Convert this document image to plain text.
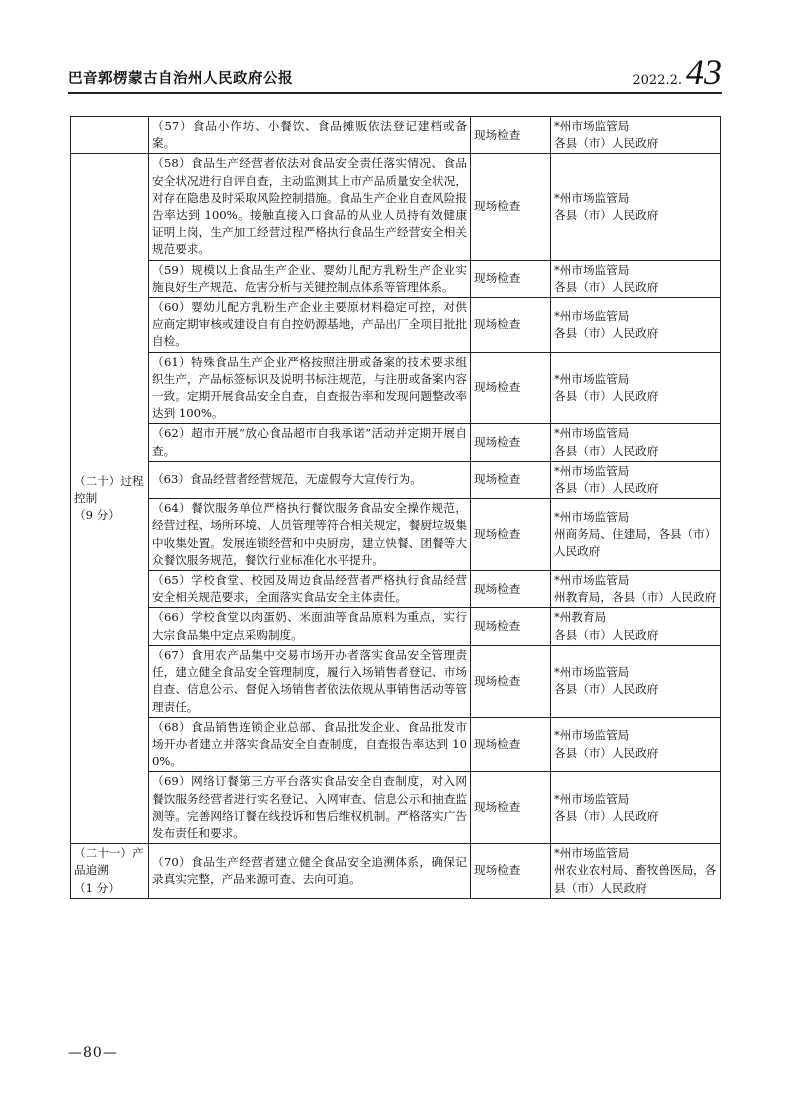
巴音郭楞蒙古自治州人民政府公报	2022.2. 43
	（57）食品小作坊、小餐饮、食品摊贩依法登记建档或备案。	现场检查	*州市场监管局
各县（市）人民政府

（二十）过程控制
（9 分）	（58）食品生产经营者依法对食品安全责任落实情况、食品安全状况进行自评自查，主动监测其上市产品质量安全状况，对存在隐患及时采取风险控制措施。食品生产企业自查风险报告率达到 100%。接触直接入口食品的从业人员持有效健康证明上岗，生产加工经营过程严格执行食品生产经营安全相关规范要求。	现场检查	*州市场监管局
各县（市）人民政府

	（59）规模以上食品生产企业、婴幼儿配方乳粉生产企业实施良好生产规范、危害分析与关键控制点体系等管理体系。	现场检查	*州市场监管局
各县（市）人民政府

	（60）婴幼儿配方乳粉生产企业主要原材料稳定可控，对供应商定期审核或建设自有自控奶源基地，产品出厂全项目批批自检。	现场检查	*州市场监管局
各县（市）人民政府

	（61）特殊食品生产企业严格按照注册或备案的技术要求组织生产，产品标签标识及说明书标注规范，与注册或备案内容一致。定期开展食品安全自查，自查报告率和发现问题整改率达到 100%。	现场检查	*州市场监管局
各县（市）人民政府

	（62）超市开展“放心食品超市自我承诺”活动并定期开展自查。	现场检查	*州市场监管局
各县（市）人民政府

	（63）食品经营者经营规范，无虚假夸大宣传行为。	现场检查	*州市场监管局
各县（市）人民政府

	（64）餐饮服务单位严格执行餐饮服务食品安全操作规范，经营过程、场所环境、人员管理等符合相关规定，餐厨垃圾集中收集处置。发展连锁经营和中央厨房，建立快餐、团餐等大众餐饮服务规范，餐饮行业标准化水平提升。	现场检查	*州市场监管局
州商务局、住建局，各县（市）人民政府

	（65）学校食堂、校园及周边食品经营者严格执行食品经营安全相关规范要求，全面落实食品安全主体责任。	现场检查	*州市场监管局
州教育局，各县（市）人民政府

	（66）学校食堂以肉蛋奶、米面油等食品原料为重点，实行大宗食品集中定点采购制度。	现场检查	*州教育局
各县（市）人民政府

	（67）食用农产品集中交易市场开办者落实食品安全管理责任，建立健全食品安全管理制度，履行入场销售者登记、市场自查、信息公示、督促入场销售者依法依规从事销售活动等管理责任。	现场检查	*州市场监管局
各县（市）人民政府

	（68）食品销售连锁企业总部、食品批发企业、食品批发市场开办者建立并落实食品安全自查制度，自查报告率达到 100%。	现场检查	*州市场监管局
各县（市）人民政府

	（69）网络订餐第三方平台落实食品安全自查制度，对入网餐饮服务经营者进行实名登记、入网审查、信息公示和抽查监测等。完善网络订餐在线投诉和售后维权机制。严格落实广告发布责任和要求。	现场检查	*州市场监管局
各县（市）人民政府

（二十一）产品追溯
（1 分）	（70）食品生产经营者建立健全食品安全追溯体系，确保记录真实完整，产品来源可查、去向可追。	现场检查	*州市场监管局
州农业农村局、畜牧兽医局，各县（市）人民政府
—80—
